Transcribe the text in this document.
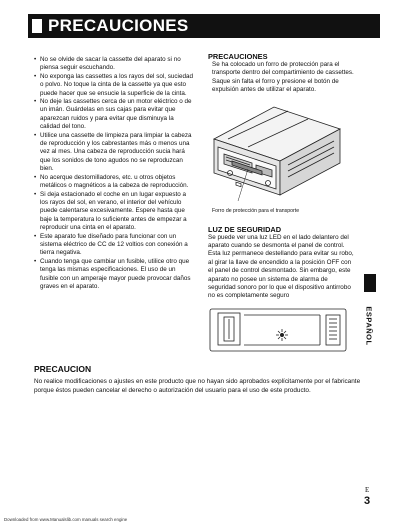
PRECAUCIONES
• No se olvide de sacar la cassette del aparato si no piensa seguir escuchando.
• No exponga las cassettes a los rayos del sol, suciedad o polvo. No toque la cinta de la cassette ya que esto puede hacer que se ensucie la superficie de la cinta.
• No deje las cassettes cerca de un motor eléctrico o de un imán. Guárdelas en sus cajas para evitar que aparezcan ruidos y para evitar que disminuya la calidad del tono.
• Utilice una cassette de limpieza para limpiar la cabeza de reproducción y los cabrestantes más o menos una vez al mes. Una cabeza de reproducción sucia hará que los sonidos de tono agudos no se reproduzcan bien.
• No acerque destornilladores, etc. u otros objetos metálicos o magnéticos a la cabeza de reproducción.
• Si deja estacionado el coche en un lugar expuesto a los rayos del sol, en verano, el interior del vehículo puede calentarse excesivamente. Espere hasta que baje la temperatura lo suficiente antes de empezar a reproducir una cinta en el aparato.
• Este aparato fue diseñado para funcionar con un sistema eléctrico de CC de 12 voltios con conexión a tierra negativa.
• Cuando tenga que cambiar un fusible, utilice otro que tenga las mismas especificaciones. El uso de un fusible con un amperaje mayor puede provocar daños graves en el aparato.
PRECAUCIONES

Se ha colocado un forro de protección para el transporte dentro del compartimiento de cassettes. Saque sin falta el forro y presione el botón de expulsión antes de utilizar el aparato.

Forro de protección para el transporte
LUZ DE SEGURIDAD

Se puede ver una luz LED en el lado delantero del aparato cuando se desmonta el panel de control. Esta luz permanece destellando para evitar su robo, al girar la llave de encendido a la posición OFF con el panel de control desmontado. Sin embargo, este aparato no posee un sistema de alarma de seguridad sonoro por lo que el dispositivo antirrobo no es completamente seguro

ESPAÑOL
PRECAUCION

No realice modificaciones o ajustes en este producto que no hayan sido aprobados explícitamente por el fabricante porque éstos pueden cancelar el derecho o autorización del usuario para el uso de este producto.

E
3
Downloaded from www.Manualslib.com manuals search engine
